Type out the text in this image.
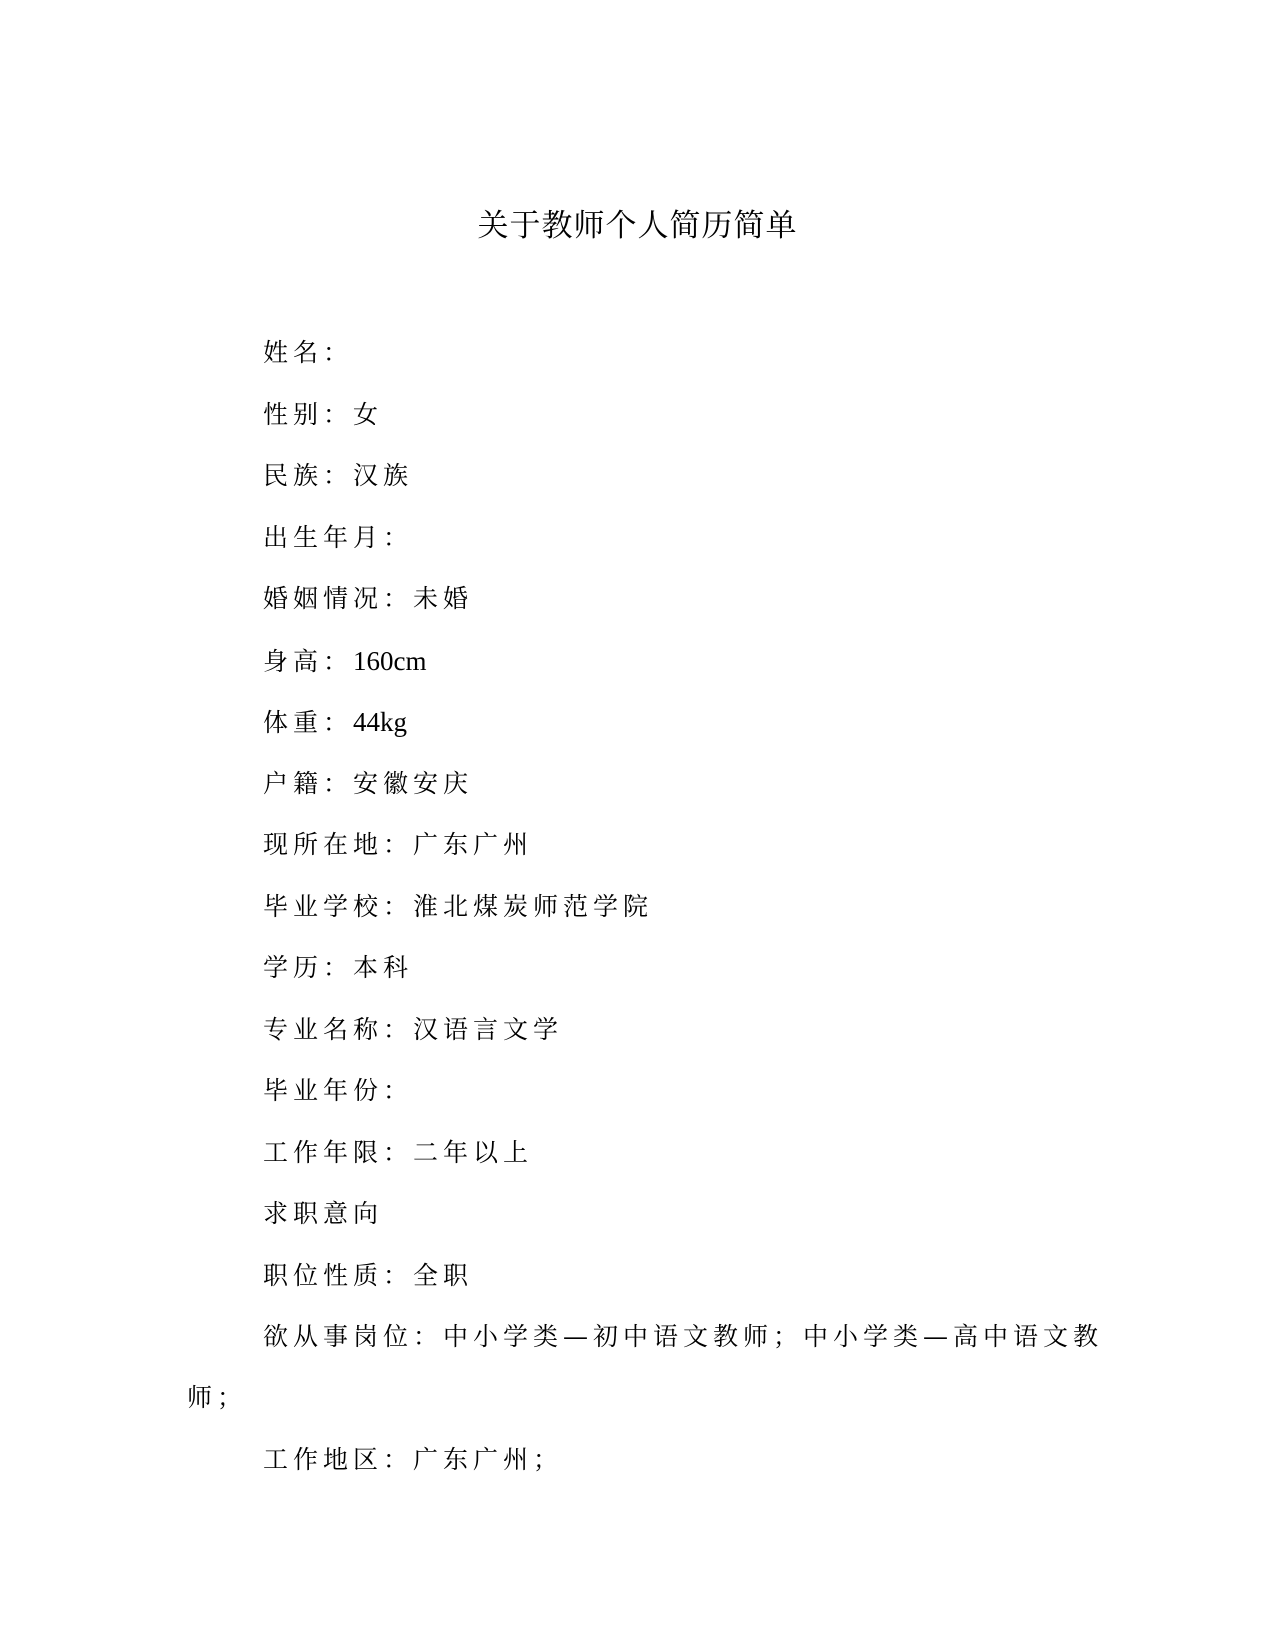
关于教师个人简历简单
姓名：
性别：女
民族：汉族
出生年月：
婚姻情况：未婚
身高：160cm
体重：44kg
户籍：安徽安庆
现所在地：广东广州
毕业学校：淮北煤炭师范学院
学历：本科
专业名称：汉语言文学
毕业年份：
工作年限：二年以上
求职意向
职位性质：全职
欲从事岗位：中小学类—初中语文教师；中小学类—高中语文教
师；
工作地区：广东广州；
